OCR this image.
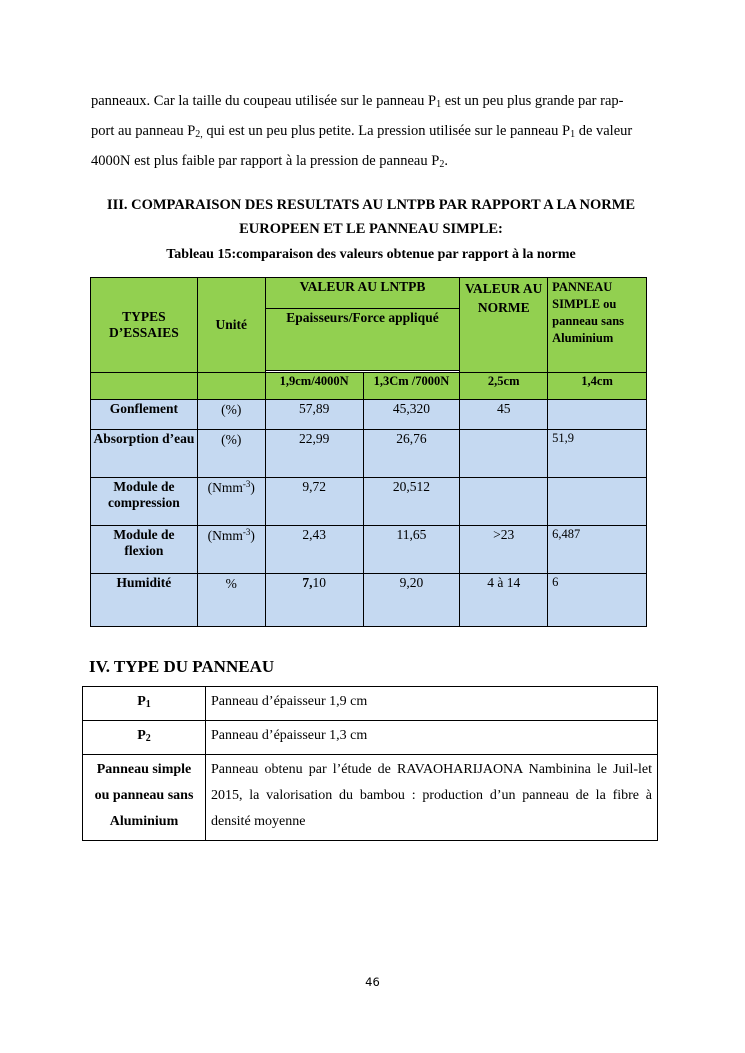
panneaux. Car la taille du coupeau utilisée sur le panneau $P_1$ est un peu plus grande par rap-

port au panneau $P_{2,}$ qui est un peu plus petite. La pression utilisée sur le panneau $P_1$ de valeur

4000N est plus faible par rapport à la pression de panneau $P_2$.

III. COMPARAISON DES RESULTATS AU LNTPB PAR RAPPORT A LA NORME
EUROPEEN ET LE PANNEAU SIMPLE:
Tableau 15:comparaison des valeurs obtenue par rapport à la norme
TYPES D’ESSAIES	Unité	VALEUR AU LNTPB		VALEUR AU NORME	PANNEAU SIMPLE ou panneau sans Aluminium
		Epaisseurs/Force appliqué			

		1,9cm/4000N	1,3Cm /7000N	2,5cm	1,4cm
Gonflement	(%)	57,89	45,320	45	
Absorption d’eau	(%)	22,99	26,76		51,9
Module de compression	(Nmm$^{-3}$)	9,72	20,512		
Module de flexion	(Nmm$^{-3}$)	2,43	11,65	>23	6,487
Humidité	%	7,10	9,20	4 à 14	6
IV. TYPE DU PANNEAU
$P_1$	Panneau d’épaisseur 1,9 cm
$P_2$	Panneau d’épaisseur 1,3 cm
Panneau simple ou panneau sans Aluminium	Panneau obtenu par l’étude de RAVAOHARIJAONA Nambinina le Juil-let 2015, la valorisation du bambou : production d’un panneau de la fibre à densité moyenne
46
